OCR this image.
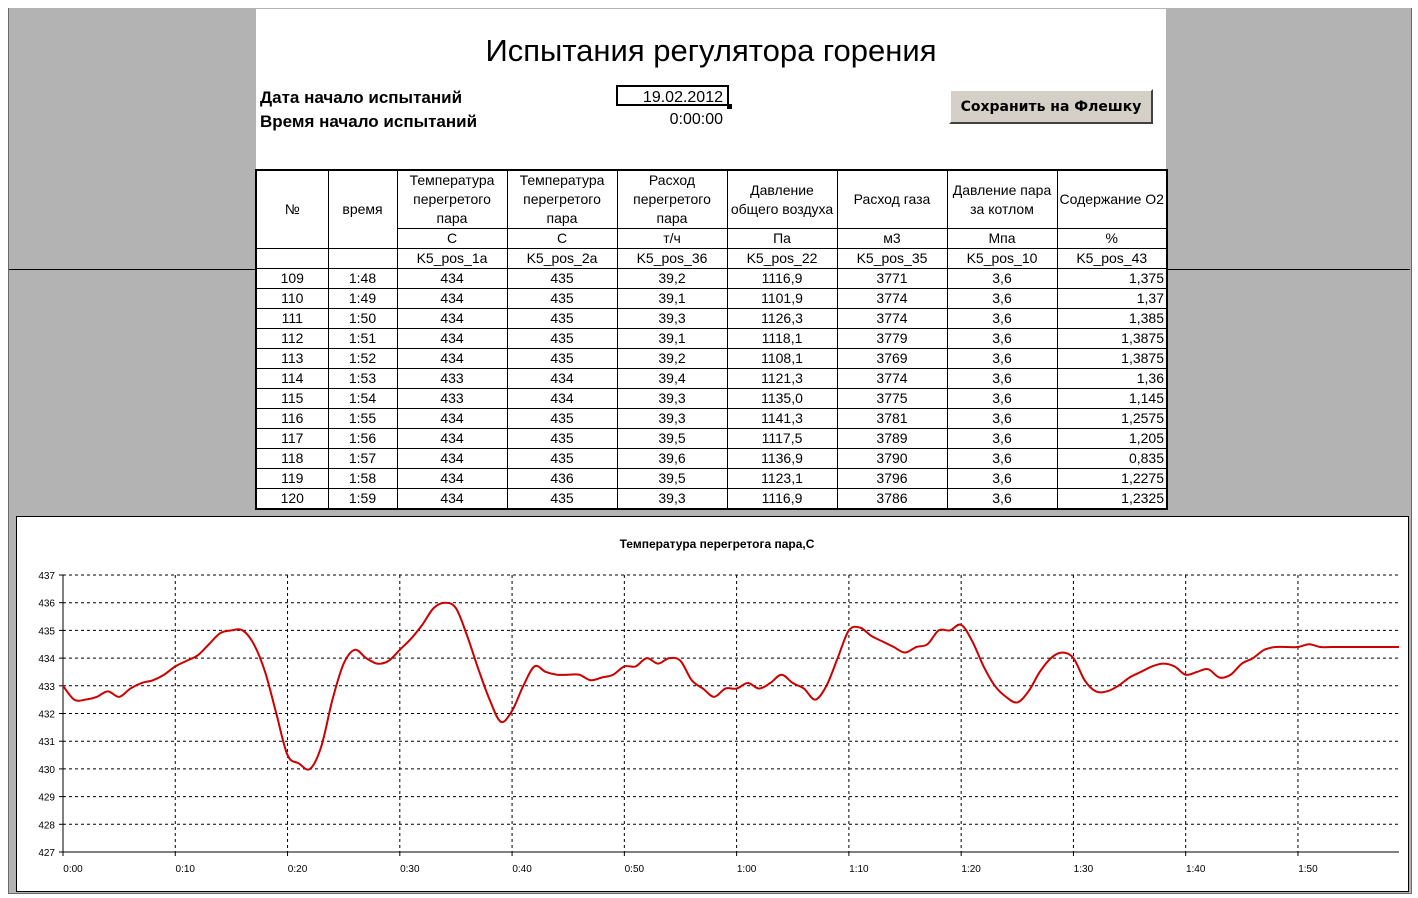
Испытания регулятора горения
Дата начало испытаний
Время начало испытаний
19.02.2012
0:00:00
Сохранить на Флешку
№	время	Температура перегретого пара	Температура перегретого пара	Расход перегретого пара	Давление общего воздуха	Расход газа	Давление пара за котлом	Содержание О2
		С	С	т/ч	Па	м3	Мпа	%
		K5_pos_1a	K5_pos_2a	K5_pos_36	K5_pos_22	K5_pos_35	K5_pos_10	K5_pos_43
109	1:48	434	435	39,2	1116,9	3771	3,6	1,375
110	1:49	434	435	39,1	1101,9	3774	3,6	1,37
111	1:50	434	435	39,3	1126,3	3774	3,6	1,385
112	1:51	434	435	39,1	1118,1	3779	3,6	1,3875
113	1:52	434	435	39,2	1108,1	3769	3,6	1,3875
114	1:53	433	434	39,4	1121,3	3774	3,6	1,36
115	1:54	433	434	39,3	1135,0	3775	3,6	1,145
116	1:55	434	435	39,3	1141,3	3781	3,6	1,2575
117	1:56	434	435	39,5	1117,5	3789	3,6	1,205
118	1:57	434	435	39,6	1136,9	3790	3,6	0,835
119	1:58	434	436	39,5	1123,1	3796	3,6	1,2275
120	1:59	434	435	39,3	1116,9	3786	3,6	1,2325
Температура перегретога пара,С
427
428
429
430
431
432
433
434
435
436
437
0:00	0:10	0:20	0:30	0:40	0:50	1:00	1:10	1:20	1:30	1:40	1:50
